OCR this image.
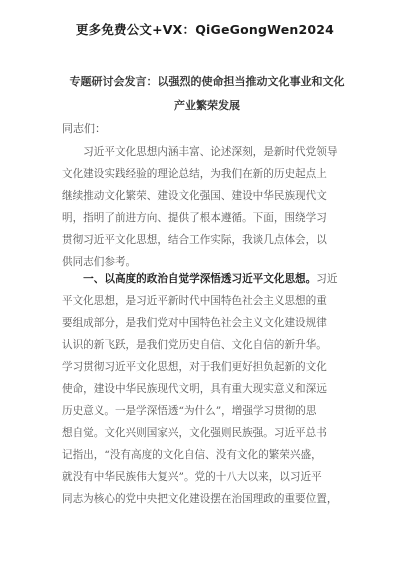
更多免费公文+VX：QiGeGongWen2024
专题研讨会发言：以强烈的使命担当推动文化事业和文化
产业繁荣发展
同志们：
　　习近平文化思想内涵丰富、论述深刻，是新时代党领导
文化建设实践经验的理论总结，为我们在新的历史起点上
继续推动文化繁荣、建设文化强国、建设中华民族现代文
明，指明了前进方向、提供了根本遵循。下面，围绕学习
贯彻习近平文化思想，结合工作实际，我谈几点体会，以
供同志们参考。
　　一、以高度的政治自觉学深悟透习近平文化思想。习近
平文化思想，是习近平新时代中国特色社会主义思想的重
要组成部分，是我们党对中国特色社会主义文化建设规律
认识的新飞跃，是我们党历史自信、文化自信的新升华。
学习贯彻习近平文化思想，对于我们更好担负起新的文化
使命，建设中华民族现代文明，具有重大现实意义和深远
历史意义。一是学深悟透“为什么”，增强学习贯彻的思
想自觉。文化兴则国家兴，文化强则民族强。习近平总书
记指出，“没有高度的文化自信、没有文化的繁荣兴盛，
就没有中华民族伟大复兴”。党的十八大以来，以习近平
同志为核心的党中央把文化建设摆在治国理政的重要位置，
